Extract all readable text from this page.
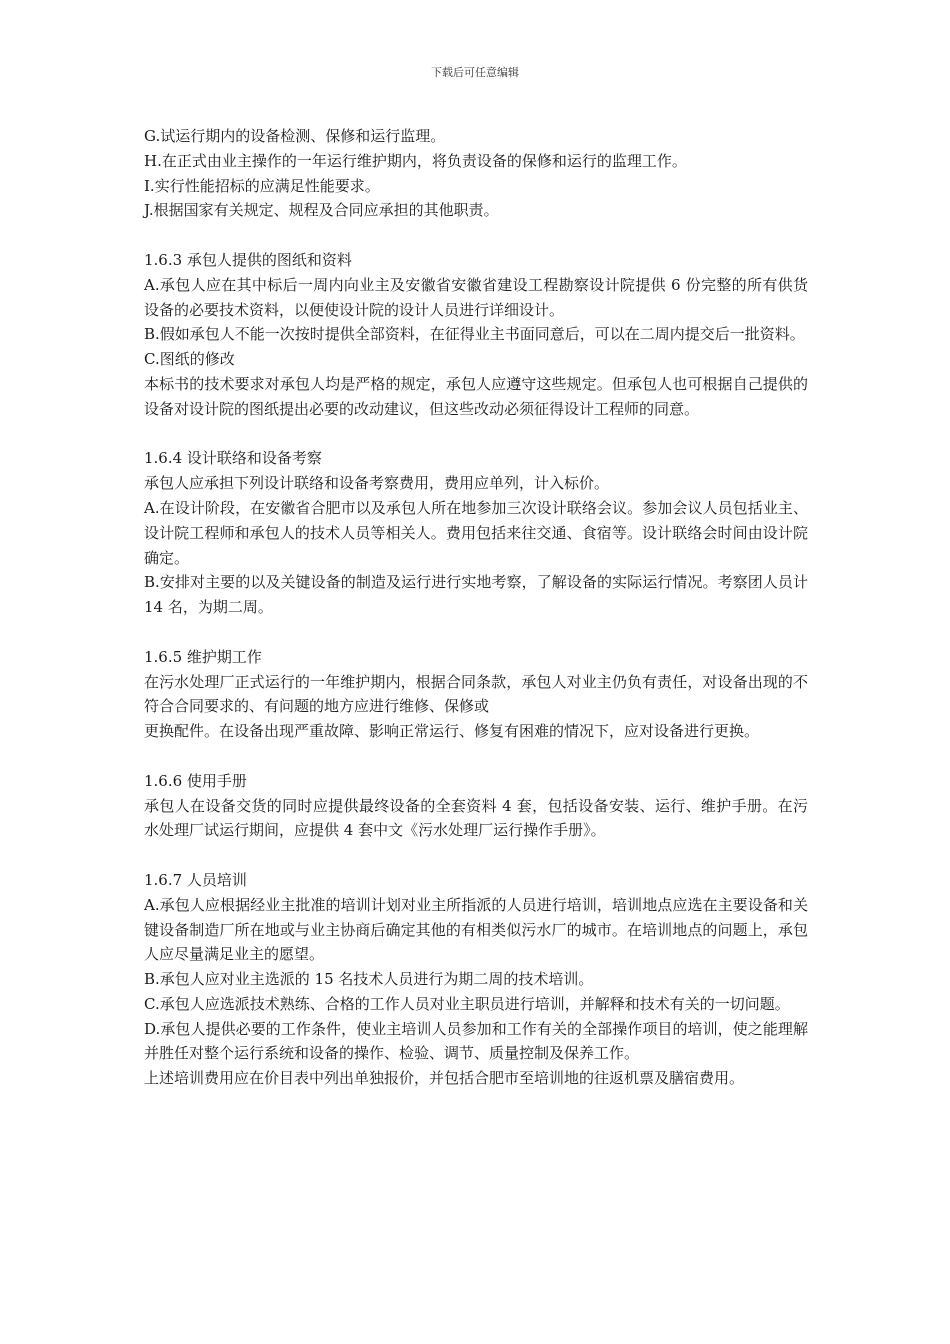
下载后可任意编辑

G.试运行期内的设备检测、保修和运行监理。

H.在正式由业主操作的一年运行维护期内，将负责设备的保修和运行的监理工作。

I.实行性能招标的应满足性能要求。

J.根据国家有关规定、规程及合同应承担的其他职责。

1.6.3 承包人提供的图纸和资料

A.承包人应在其中标后一周内向业主及安徽省安徽省建设工程勘察设计院提供 6 份完整的所有供货设备的必要技术资料，以便使设计院的设计人员进行详细设计。

B.假如承包人不能一次按时提供全部资料，在征得业主书面同意后，可以在二周内提交后一批资料。

C.图纸的修改

本标书的技术要求对承包人均是严格的规定，承包人应遵守这些规定。但承包人也可根据自己提供的设备对设计院的图纸提出必要的改动建议，但这些改动必须征得设计工程师的同意。

1.6.4 设计联络和设备考察

承包人应承担下列设计联络和设备考察费用，费用应单列，计入标价。

A.在设计阶段，在安徽省合肥市以及承包人所在地参加三次设计联络会议。参加会议人员包括业主、设计院工程师和承包人的技术人员等相关人。费用包括来往交通、食宿等。设计联络会时间由设计院确定。

B.安排对主要的以及关键设备的制造及运行进行实地考察，了解设备的实际运行情况。考察团人员计 14 名，为期二周。

1.6.5 维护期工作

在污水处理厂正式运行的一年维护期内，根据合同条款，承包人对业主仍负有责任，对设备出现的不符合合同要求的、有问题的地方应进行维修、保修或

更换配件。在设备出现严重故障、影响正常运行、修复有困难的情况下，应对设备进行更换。

1.6.6 使用手册

承包人在设备交货的同时应提供最终设备的全套资料 4 套，包括设备安装、运行、维护手册。在污水处理厂试运行期间，应提供 4 套中文《污水处理厂运行操作手册》。

1.6.7 人员培训

A.承包人应根据经业主批准的培训计划对业主所指派的人员进行培训，培训地点应选在主要设备和关键设备制造厂所在地或与业主协商后确定其他的有相类似污水厂的城市。在培训地点的问题上，承包人应尽量满足业主的愿望。

B.承包人应对业主选派的 15 名技术人员进行为期二周的技术培训。

C.承包人应选派技术熟练、合格的工作人员对业主职员进行培训，并解释和技术有关的一切问题。

D.承包人提供必要的工作条件，使业主培训人员参加和工作有关的全部操作项目的培训，使之能理解并胜任对整个运行系统和设备的操作、检验、调节、质量控制及保养工作。

上述培训费用应在价目表中列出单独报价，并包括合肥市至培训地的往返机票及膳宿费用。
